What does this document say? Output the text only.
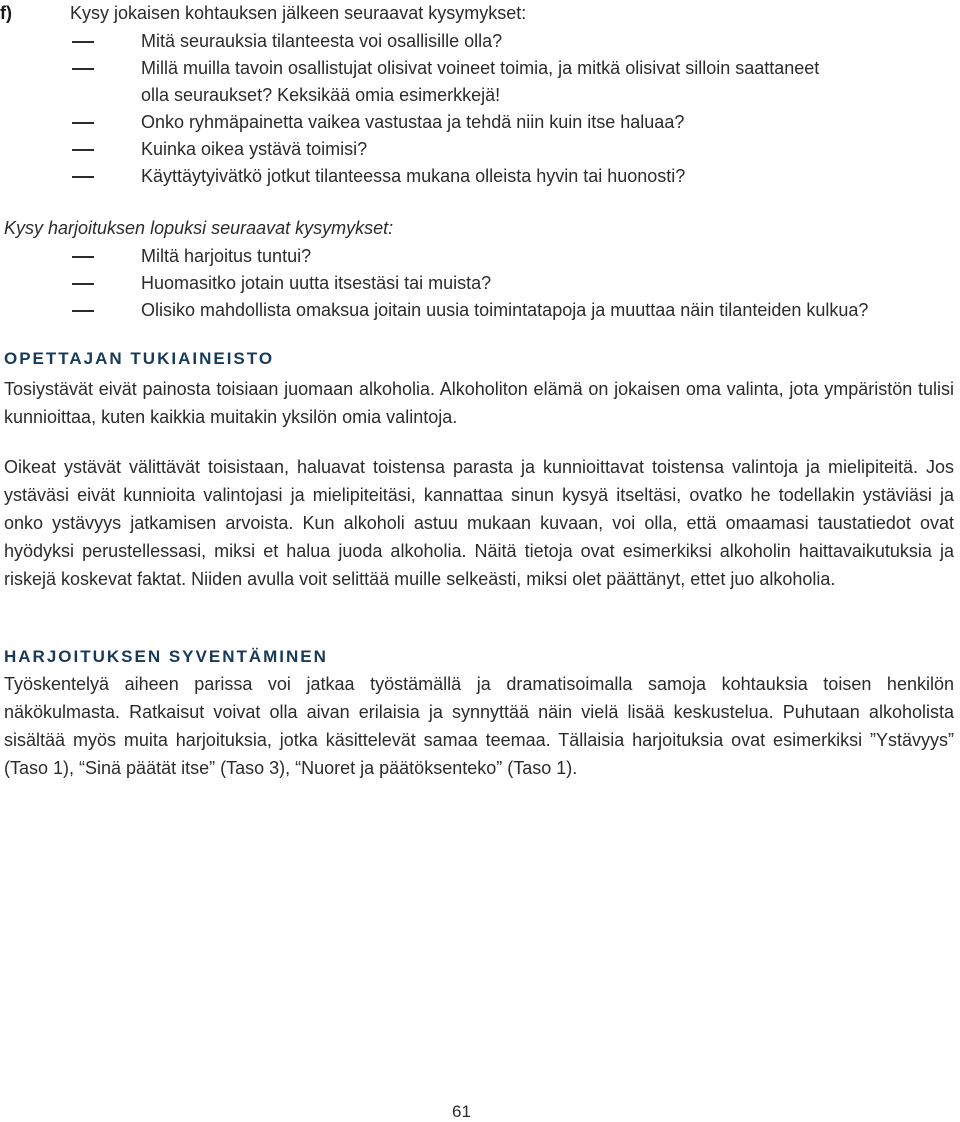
f)	Kysy jokaisen kohtauksen jälkeen seuraavat kysymykset:
Mitä seurauksia tilanteesta voi osallisille olla?
Millä muilla tavoin osallistujat olisivat voineet toimia, ja mitkä olisivat silloin saattaneet
olla seuraukset? Keksikää omia esimerkkejä!
Onko ryhmäpainetta vaikea vastustaa ja tehdä niin kuin itse haluaa?
Kuinka oikea ystävä toimisi?
Käyttäytyivätkö jotkut tilanteessa mukana olleista hyvin tai huonosti?
Kysy harjoituksen lopuksi seuraavat kysymykset:
Miltä harjoitus tuntui?
Huomasitko jotain uutta itsestäsi tai muista?
Olisiko mahdollista omaksua joitain uusia toimintatapoja ja muuttaa näin tilanteiden kulkua?
OPETTAJAN TUKIAINEISTO
Tosiystävät eivät painosta toisiaan juomaan alkoholia. Alkoholiton elämä on jokaisen oma valinta, jota ympäristön tulisi kunnioittaa, kuten kaikkia muitakin yksilön omia valintoja.
Oikeat ystävät välittävät toisistaan, haluavat toistensa parasta ja kunnioittavat toistensa valintoja ja mielipiteitä. Jos ystäväsi eivät kunnioita valintojasi ja mielipiteitäsi, kannattaa sinun kysyä itseltäsi, ovatko he todellakin ystäviäsi ja onko ystävyys jatkamisen arvoista. Kun alkoholi astuu mukaan kuvaan, voi olla, että omaamasi taustatiedot ovat hyödyksi perustellessasi, miksi et halua juoda alkoholia. Näitä tietoja ovat esimerkiksi alkoholin haittavaikutuksia ja riskejä koskevat faktat. Niiden avulla voit selittää muille selkeästi, miksi olet päättänyt, ettet juo alkoholia.
HARJOITUKSEN SYVENTÄMINEN
Työskentelyä aiheen parissa voi jatkaa työstämällä ja dramatisoimalla samoja kohtauksia toisen henkilön näkökulmasta. Ratkaisut voivat olla aivan erilaisia ja synnyttää näin vielä lisää keskustelua. Puhutaan alkoholista sisältää myös muita harjoituksia, jotka käsittelevät samaa teemaa. Tällaisia harjoituksia ovat esimerkiksi ”Ystävyys” (Taso 1), “Sinä päätät itse” (Taso 3), “Nuoret ja päätöksenteko” (Taso 1).
61
